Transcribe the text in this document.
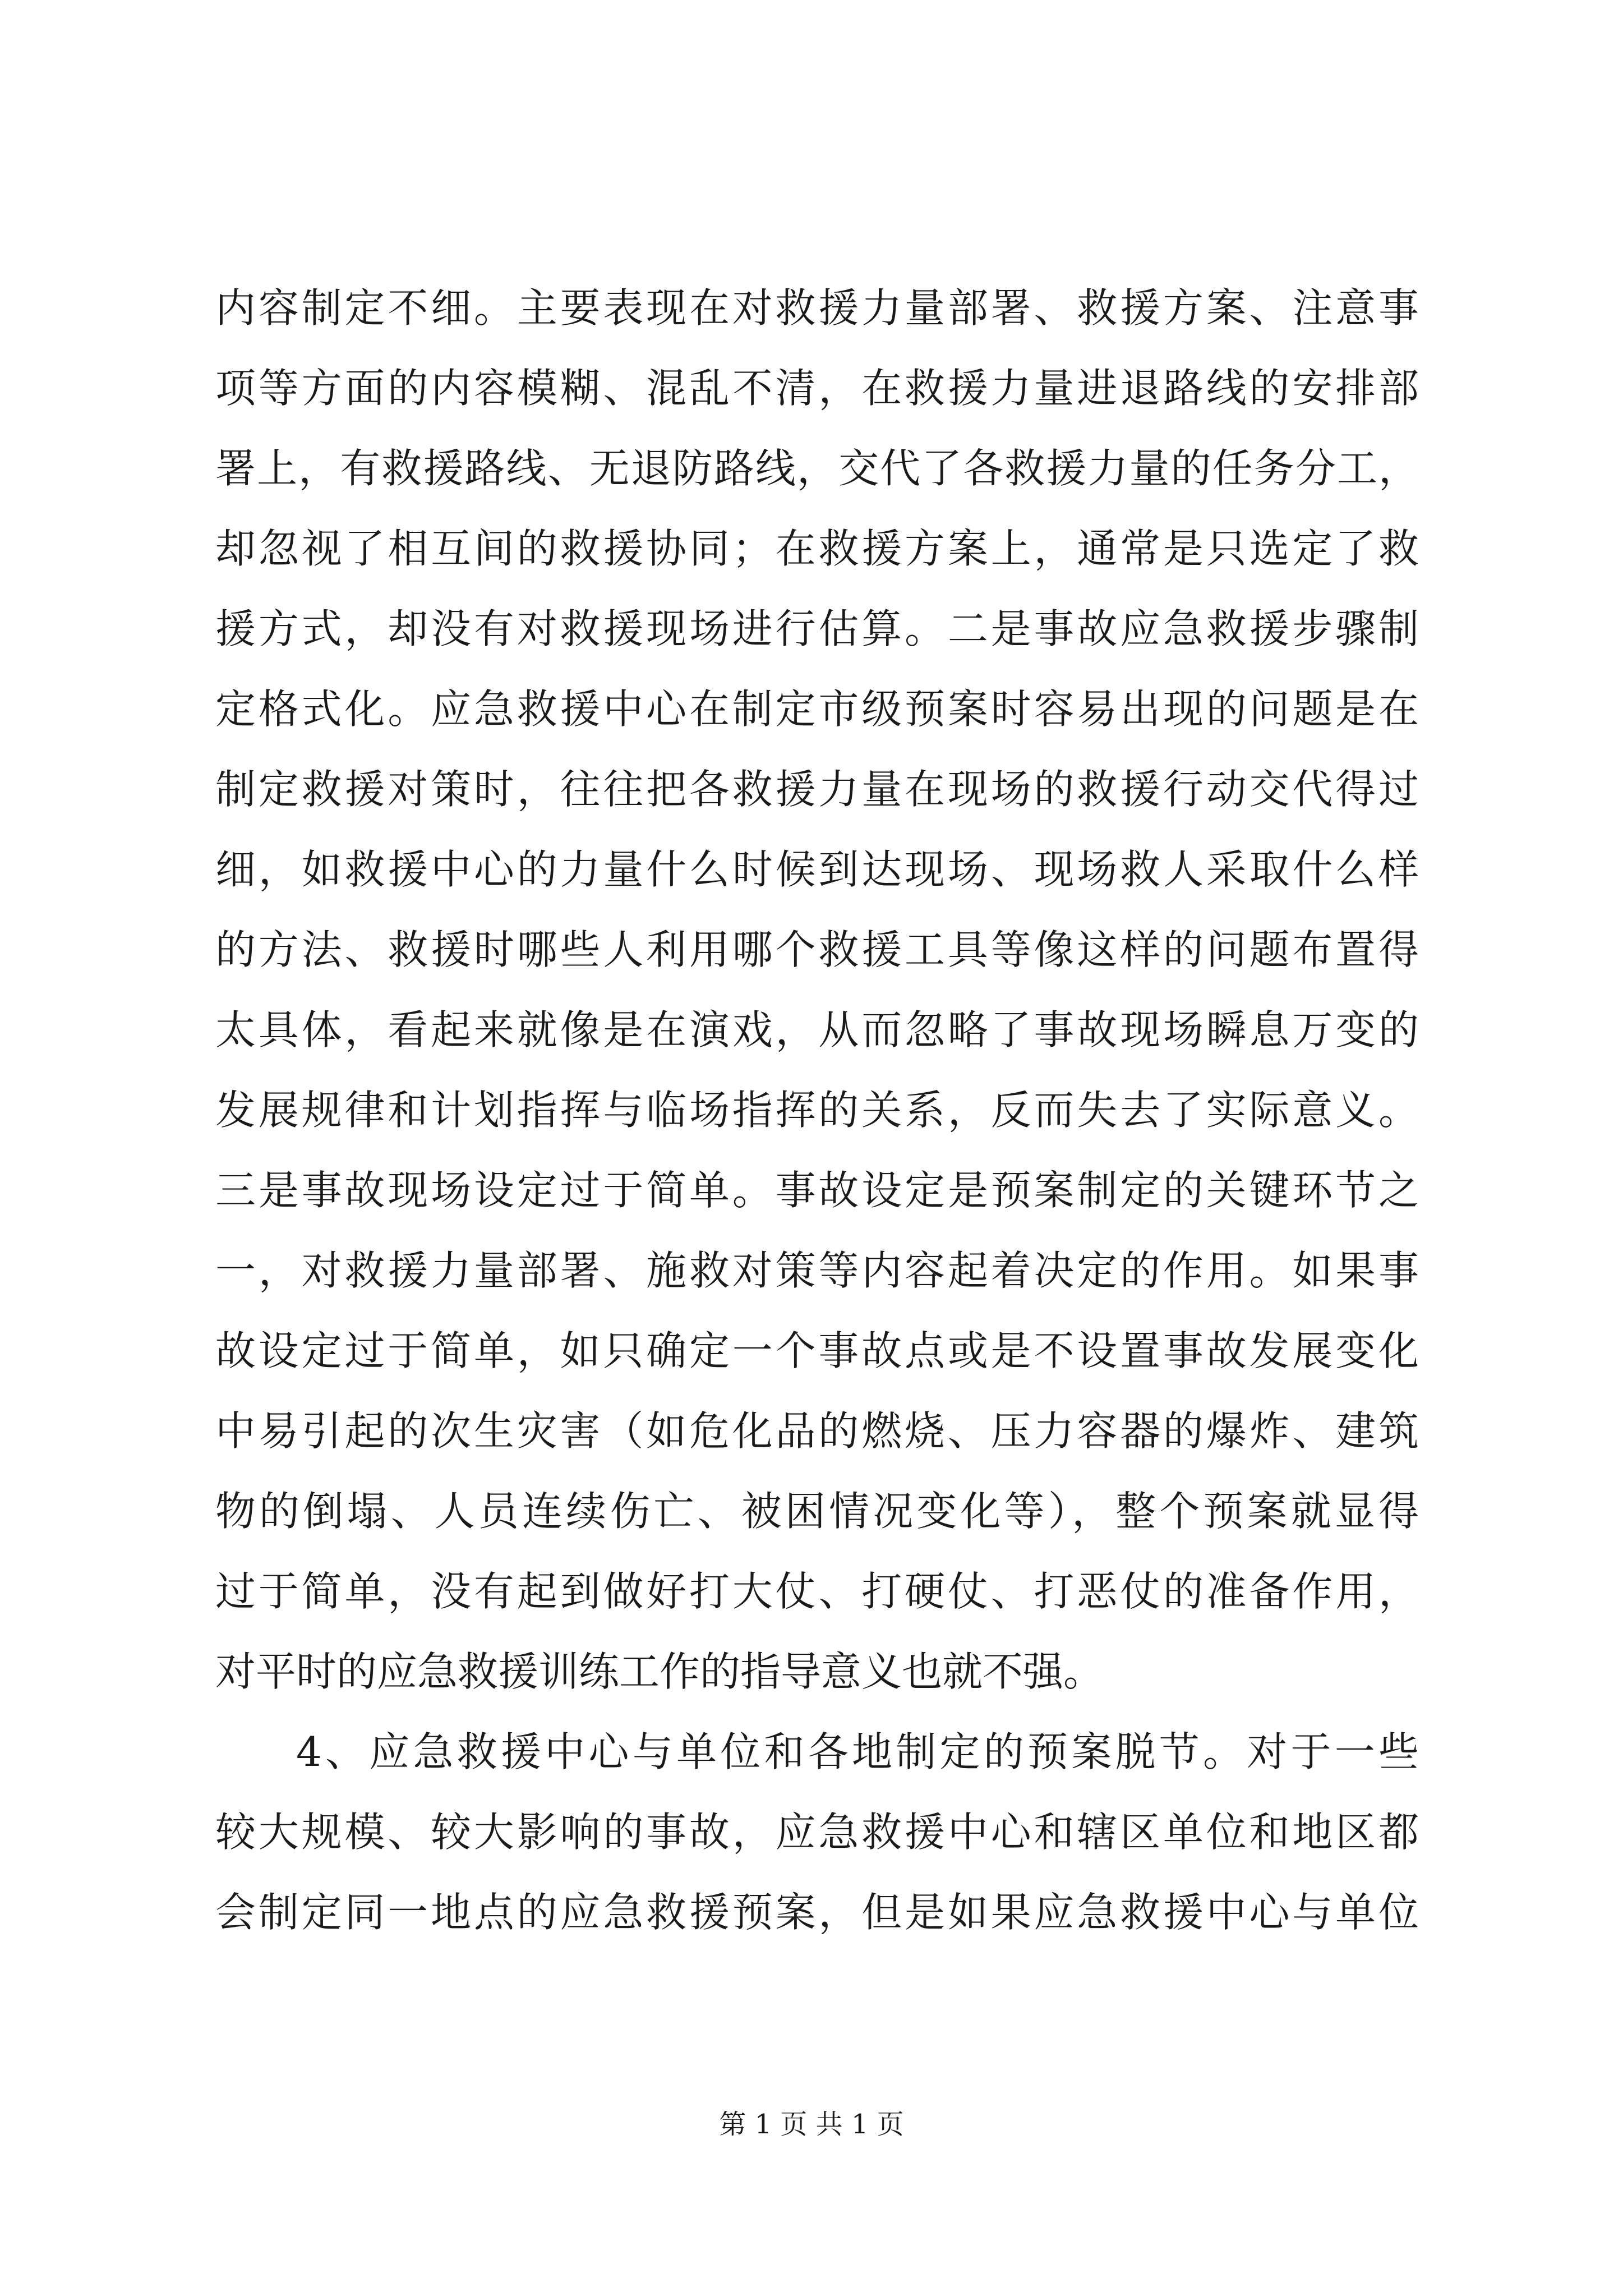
内容制定不细。主要表现在对救援力量部署、救援方案、注意事
项等方面的内容模糊、混乱不清，在救援力量进退路线的安排部
署上，有救援路线、无退防路线，交代了各救援力量的任务分工，
却忽视了相互间的救援协同；在救援方案上，通常是只选定了救
援方式，却没有对救援现场进行估算。二是事故应急救援步骤制
定格式化。应急救援中心在制定市级预案时容易出现的问题是在
制定救援对策时，往往把各救援力量在现场的救援行动交代得过
细，如救援中心的力量什么时候到达现场、现场救人采取什么样
的方法、救援时哪些人利用哪个救援工具等像这样的问题布置得
太具体，看起来就像是在演戏，从而忽略了事故现场瞬息万变的
发展规律和计划指挥与临场指挥的关系，反而失去了实际意义。
三是事故现场设定过于简单。事故设定是预案制定的关键环节之
一，对救援力量部署、施救对策等内容起着决定的作用。如果事
故设定过于简单，如只确定一个事故点或是不设置事故发展变化
中易引起的次生灾害（如危化品的燃烧、压力容器的爆炸、建筑
物的倒塌、人员连续伤亡、被困情况变化等），整个预案就显得
过于简单，没有起到做好打大仗、打硬仗、打恶仗的准备作用，
对平时的应急救援训练工作的指导意义也就不强。
4、应急救援中心与单位和各地制定的预案脱节。对于一些
较大规模、较大影响的事故，应急救援中心和辖区单位和地区都
会制定同一地点的应急救援预案，但是如果应急救援中心与单位
第 1 页 共 1 页
